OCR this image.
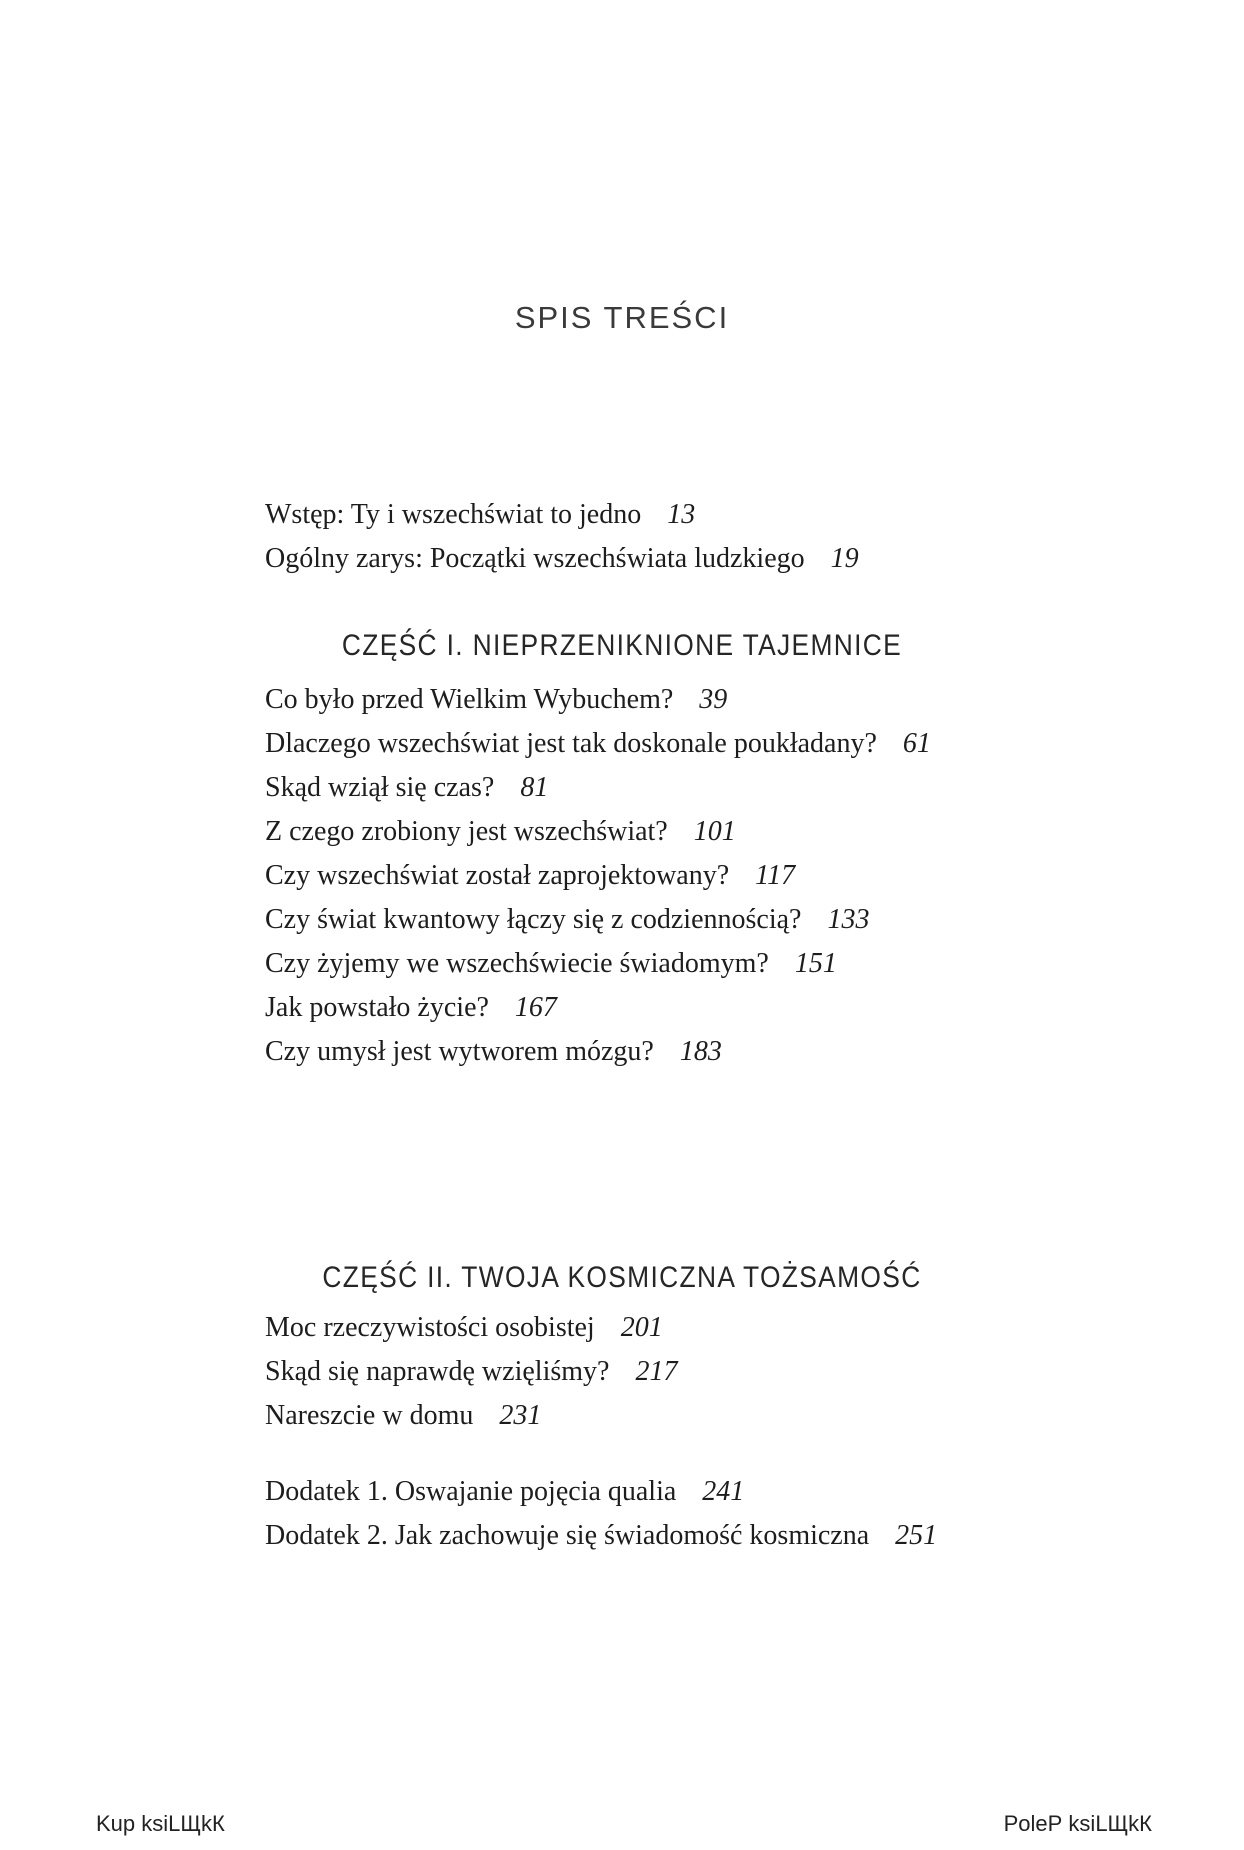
SPIS TREŚCI
Wstęp: Ty i wszechświat to jedno 13
Ogólny zarys: Początki wszechświata ludzkiego 19
CZĘŚĆ I. NIEPRZENIKNIONE TAJEMNICE
Co było przed Wielkim Wybuchem? 39
Dlaczego wszechświat jest tak doskonale poukładany? 61
Skąd wziął się czas? 81
Z czego zrobiony jest wszechświat? 101
Czy wszechświat został zaprojektowany? 117
Czy świat kwantowy łączy się z codziennością? 133
Czy żyjemy we wszechświecie świadomym? 151
Jak powstało życie? 167
Czy umysł jest wytworem mózgu? 183
CZĘŚĆ II. TWOJA KOSMICZNA TOŻSAMOŚĆ
Moc rzeczywistości osobistej 201
Skąd się naprawdę wzięliśmy? 217
Nareszcie w domu 231
Dodatek 1. Oswajanie pojęcia qualia 241
Dodatek 2. Jak zachowuje się świadomość kosmiczna 251
Kup ksiLЩkК	PoleР ksiLЩkК
